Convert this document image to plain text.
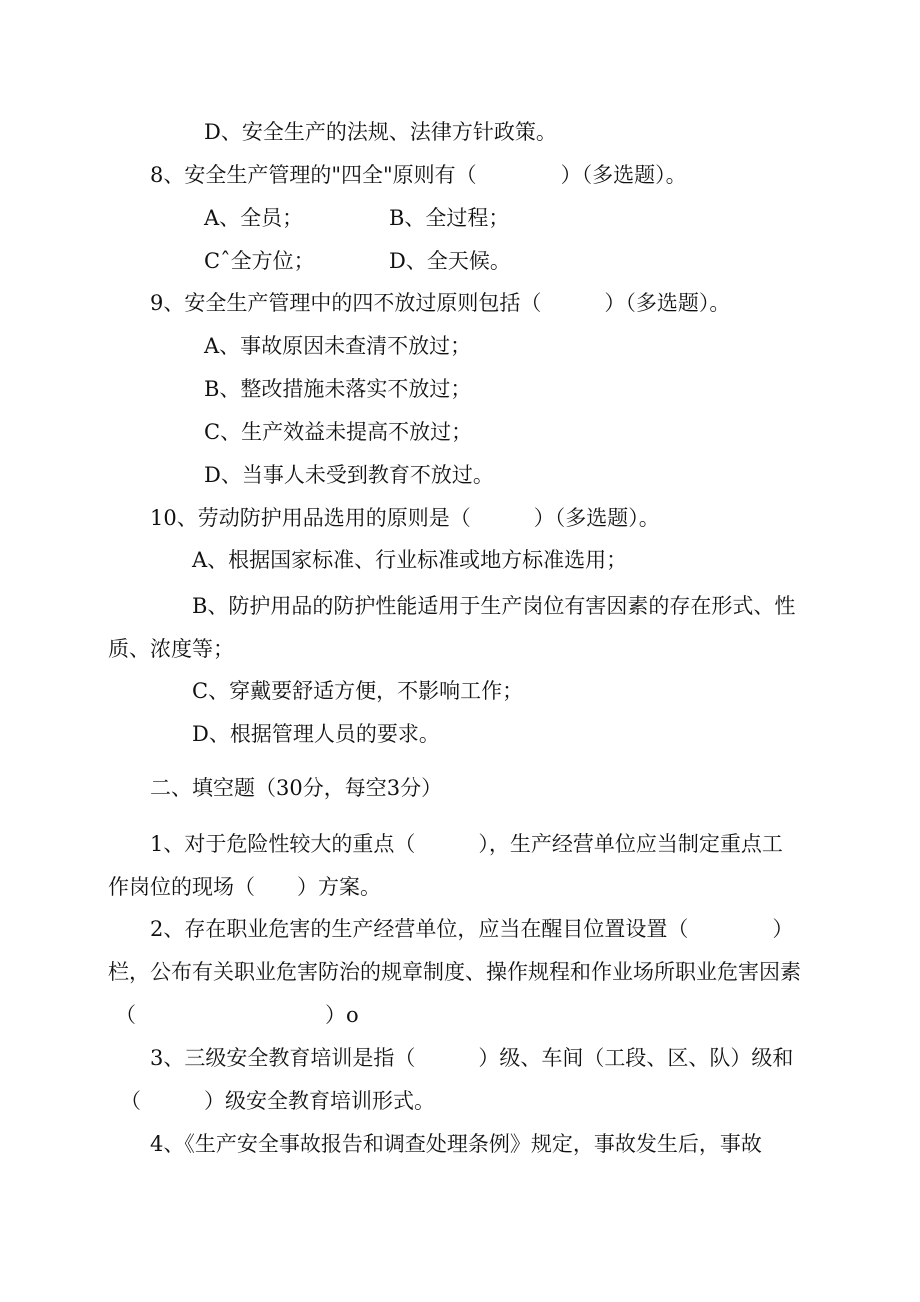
D、安全生产的法规、法律方针政策。

8、安全生产管理的"四全"原则有（　　　　）（多选题）。

A、全员；	B、全过程；

Cˆ全方位；	D、全天候。

9、安全生产管理中的四不放过原则包括（　　　）（多选题）。

A、事故原因未查清不放过；

B、整改措施未落实不放过；

C、生产效益未提高不放过；

D、当事人未受到教育不放过。

10、劳动防护用品选用的原则是（　　　）（多选题）。

A、根据国家标准、行业标准或地方标准选用；

B、防护用品的防护性能适用于生产岗位有害因素的存在形式、性

质、浓度等；

C、穿戴要舒适方便，不影响工作；

D、根据管理人员的要求。

二、填空题（30分，每空3分）

1、对于危险性较大的重点（　　　），生产经营单位应当制定重点工

作岗位的现场（　　）方案。

2、存在职业危害的生产经营单位，应当在醒目位置设置（　　　　）

栏，公布有关职业危害防治的规章制度、操作规程和作业场所职业危害因素

（　　　　　　　　　）o

3、三级安全教育培训是指（　　　）级、车间（工段、区、队）级和

（　　　）级安全教育培训形式。

4、《生产安全事故报告和调查处理条例》规定，事故发生后，事故
